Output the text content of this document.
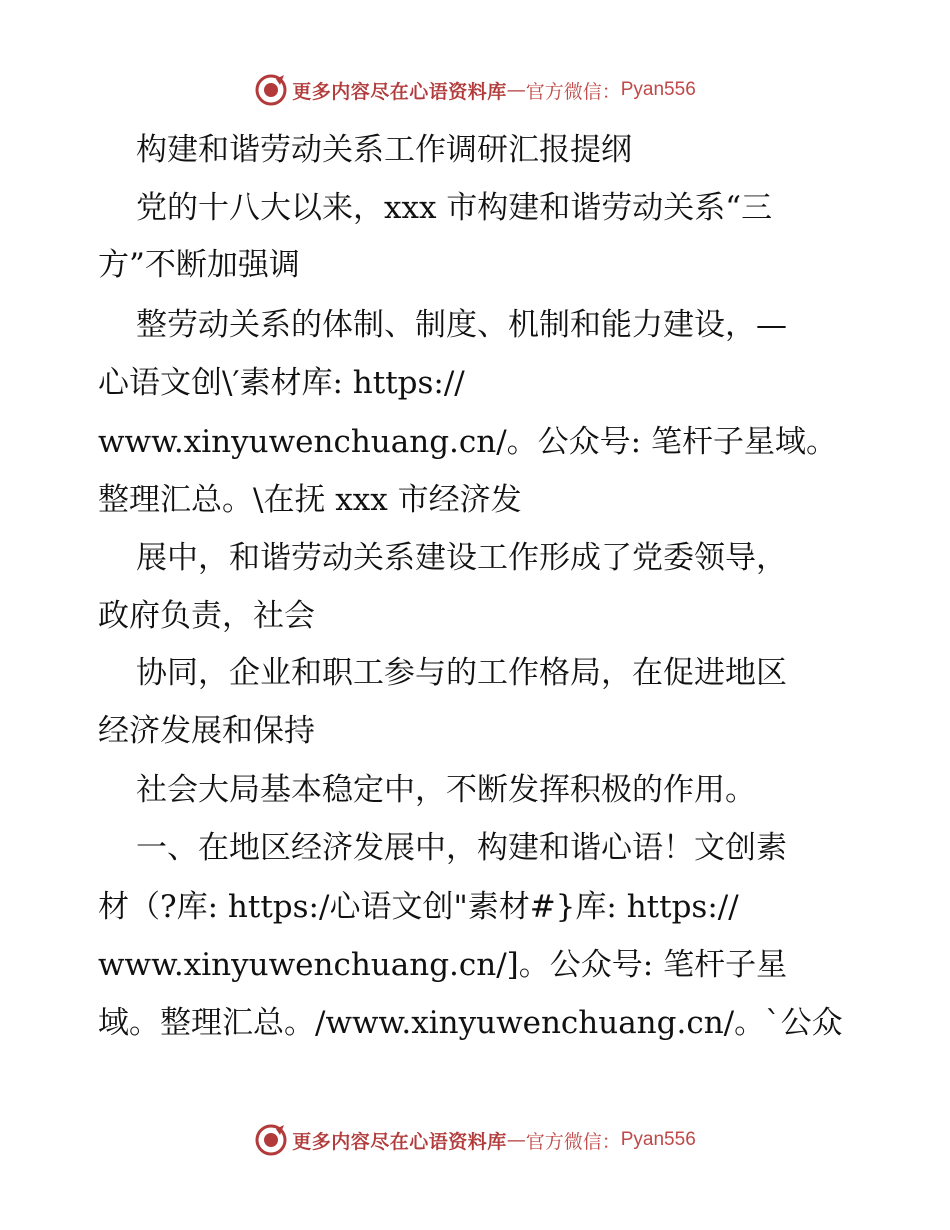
更多内容尽在心语资料库 — 官方微信： Pyan556
构建和谐劳动关系工作调研汇报提纲
党的十八大以来，xxx 市构建和谐劳动关系“三
方”不断加强调
整劳动关系的体制、制度、机制和能力建设，—
心语文创\′素材库: https://
www.xinyuwenchuang.cn/。公众号: 笔杆子星域。
整理汇总。\在抚 xxx 市经济发
展中，和谐劳动关系建设工作形成了党委领导，
政府负责，社会
协同，企业和职工参与的工作格局，在促进地区
经济发展和保持
社会大局基本稳定中，不断发挥积极的作用。
一、在地区经济发展中，构建和谐心语！文创素
材（?库: https:/心语文创"素材#}库: https://
www.xinyuwenchuang.cn/]。公众号: 笔杆子星
域。整理汇总。/www.xinyuwenchuang.cn/。`公众
更多内容尽在心语资料库 — 官方微信： Pyan556
